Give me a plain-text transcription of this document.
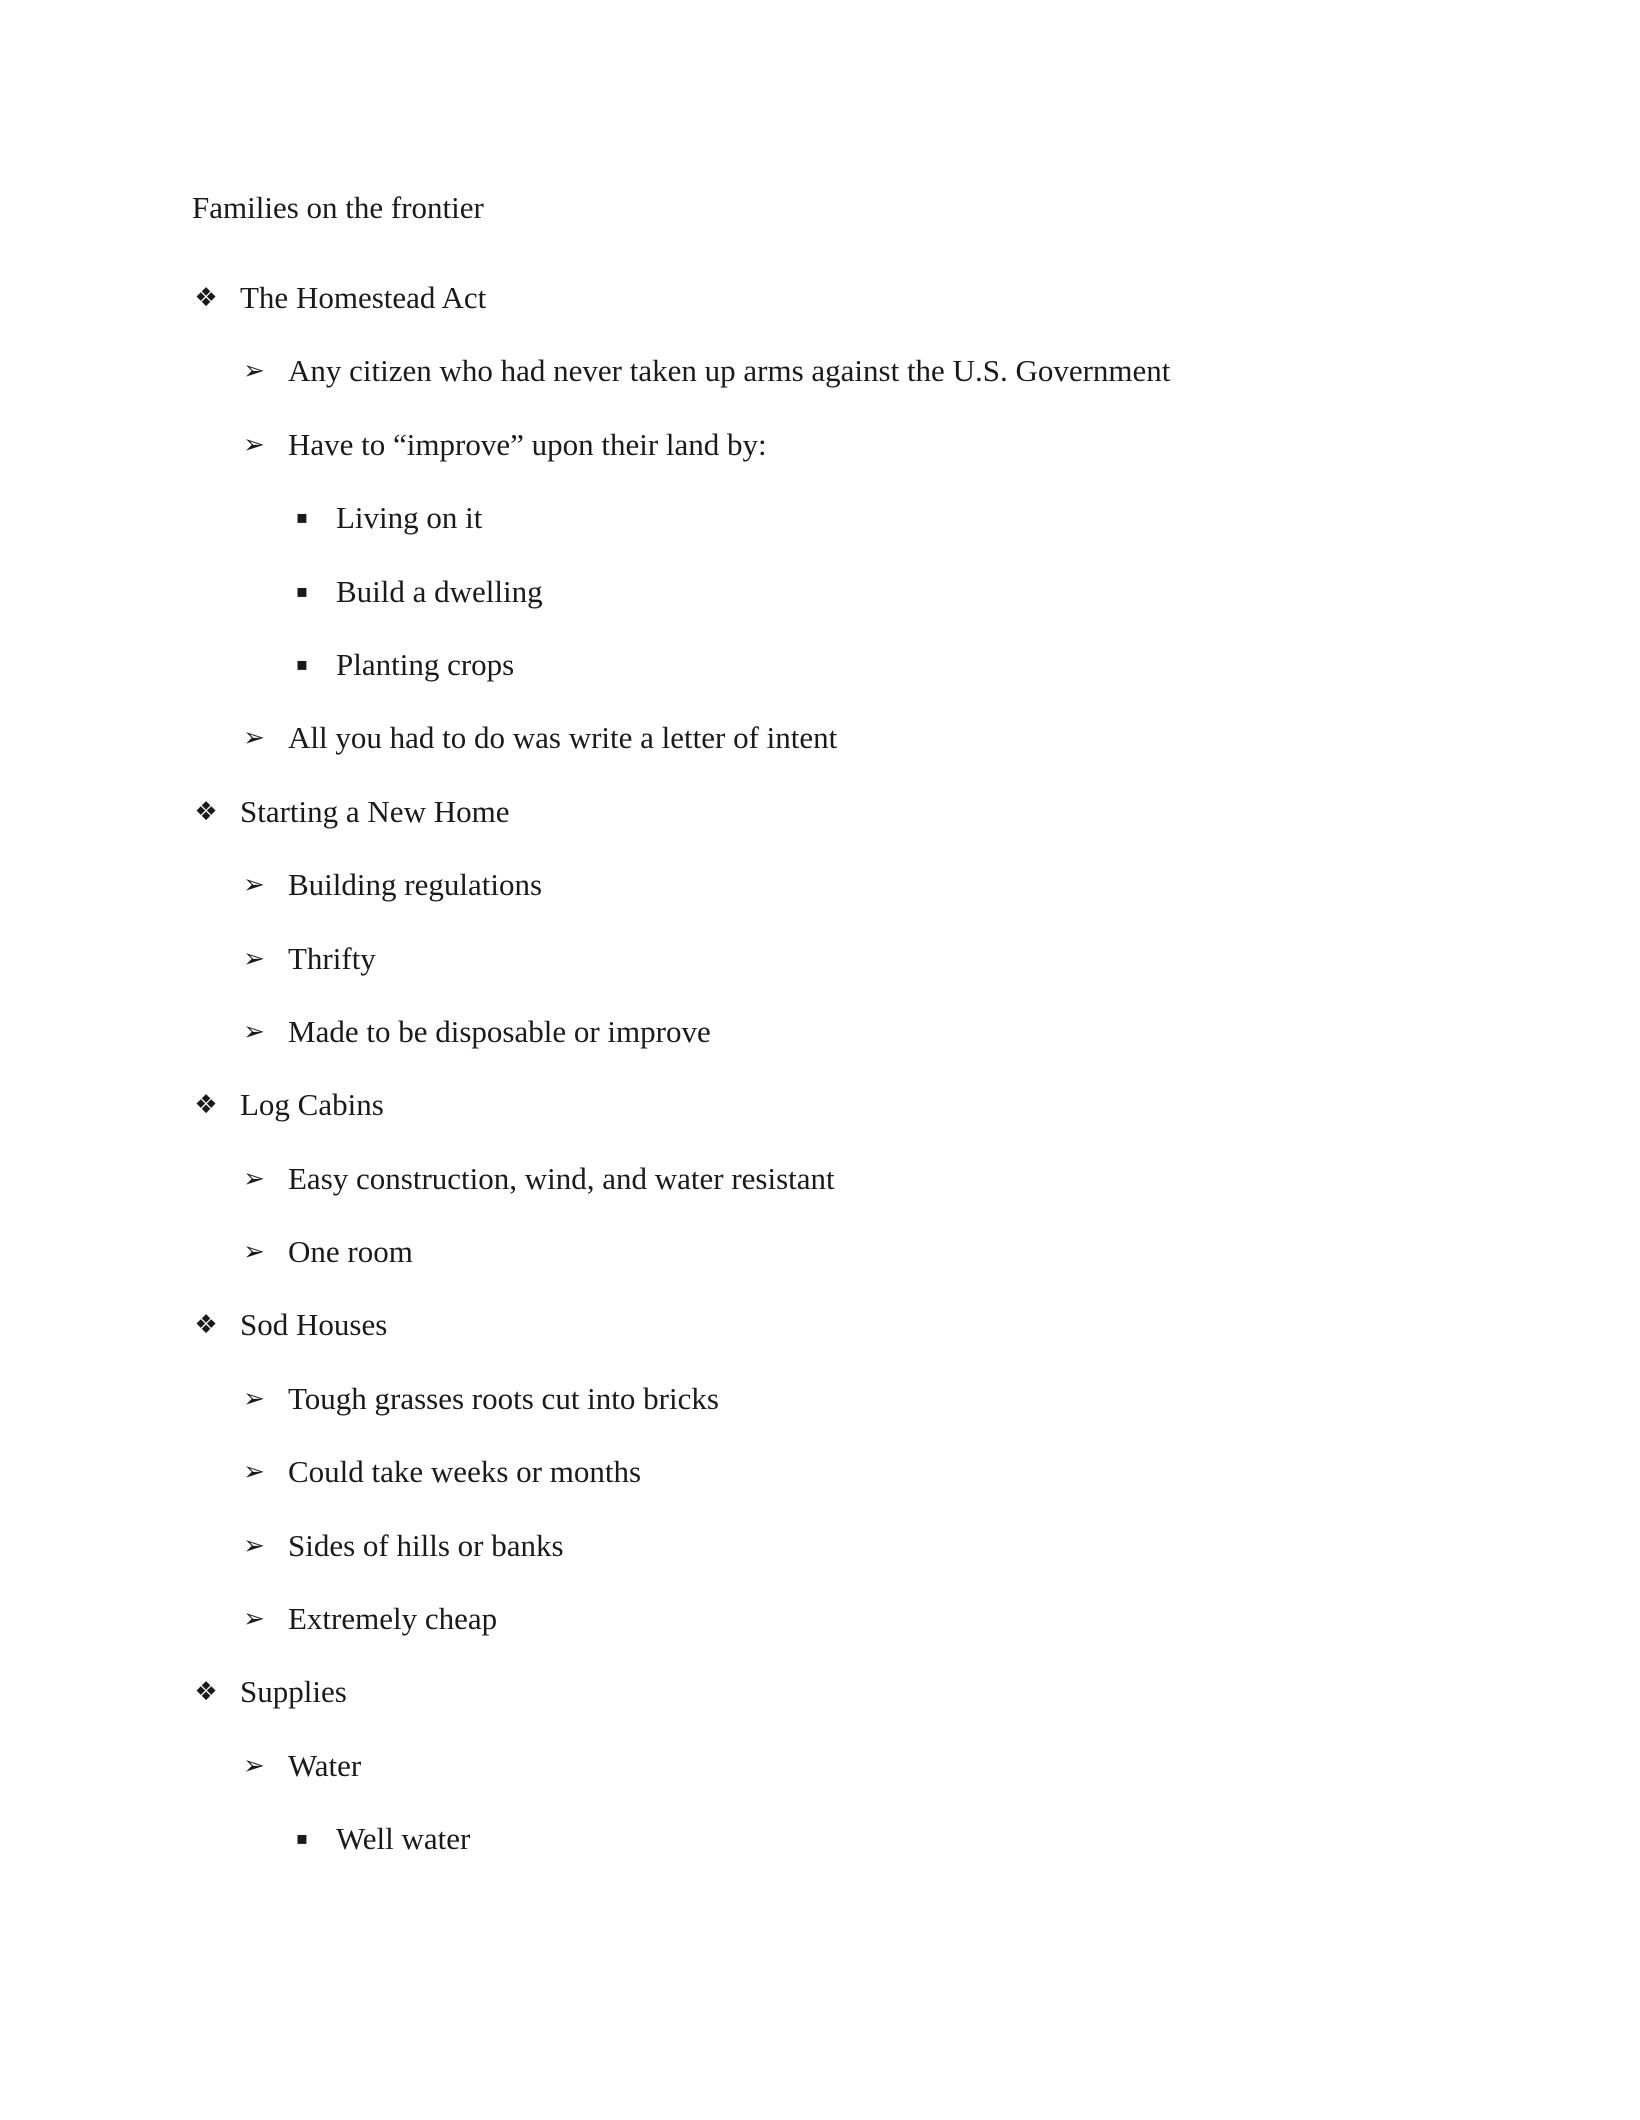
Families on the frontier
❖ The Homestead Act
➢ Any citizen who had never taken up arms against the U.S. Government
➢ Have to “improve” upon their land by:
▪ Living on it
▪ Build a dwelling
▪ Planting crops
➢ All you had to do was write a letter of intent
❖ Starting a New Home
➢ Building regulations
➢ Thrifty
➢ Made to be disposable or improve
❖ Log Cabins
➢ Easy construction, wind, and water resistant
➢ One room
❖ Sod Houses
➢ Tough grasses roots cut into bricks
➢ Could take weeks or months
➢ Sides of hills or banks
➢ Extremely cheap
❖ Supplies
➢ Water
▪ Well water
